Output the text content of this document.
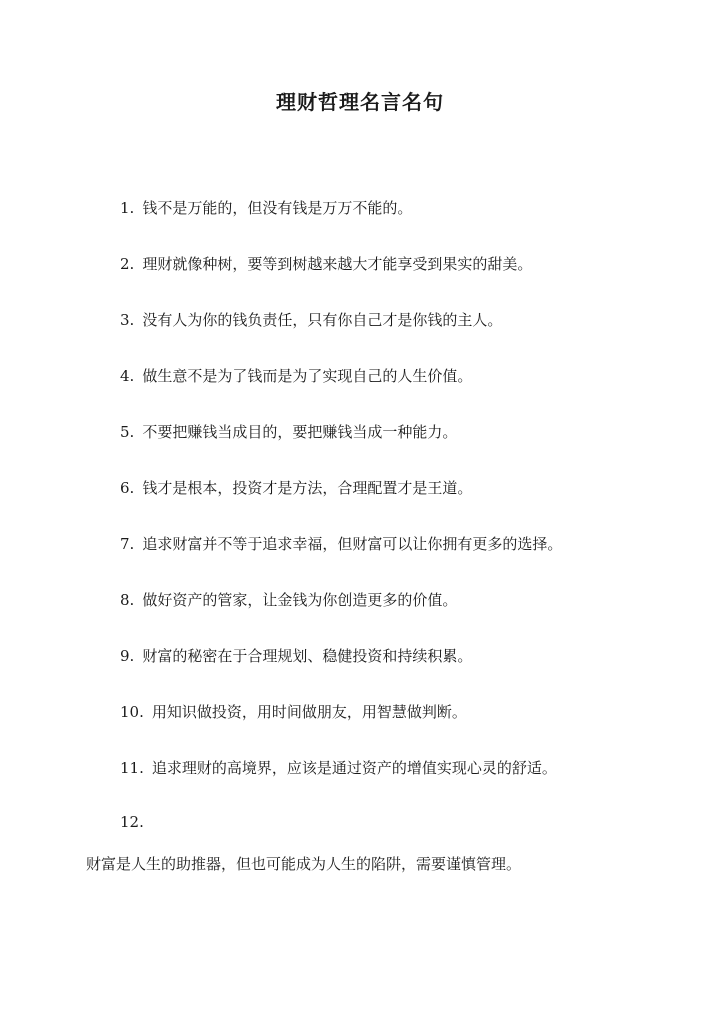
理财哲理名言名句
1. 钱不是万能的，但没有钱是万万不能的。
2. 理财就像种树，要等到树越来越大才能享受到果实的甜美。
3. 没有人为你的钱负责任，只有你自己才是你钱的主人。
4. 做生意不是为了钱而是为了实现自己的人生价值。
5. 不要把赚钱当成目的，要把赚钱当成一种能力。
6. 钱才是根本，投资才是方法，合理配置才是王道。
7. 追求财富并不等于追求幸福，但财富可以让你拥有更多的选择。
8. 做好资产的管家，让金钱为你创造更多的价值。
9. 财富的秘密在于合理规划、稳健投资和持续积累。
10. 用知识做投资，用时间做朋友，用智慧做判断。
11. 追求理财的高境界，应该是通过资产的增值实现心灵的舒适。
12.
财富是人生的助推器，但也可能成为人生的陷阱，需要谨慎管理。
